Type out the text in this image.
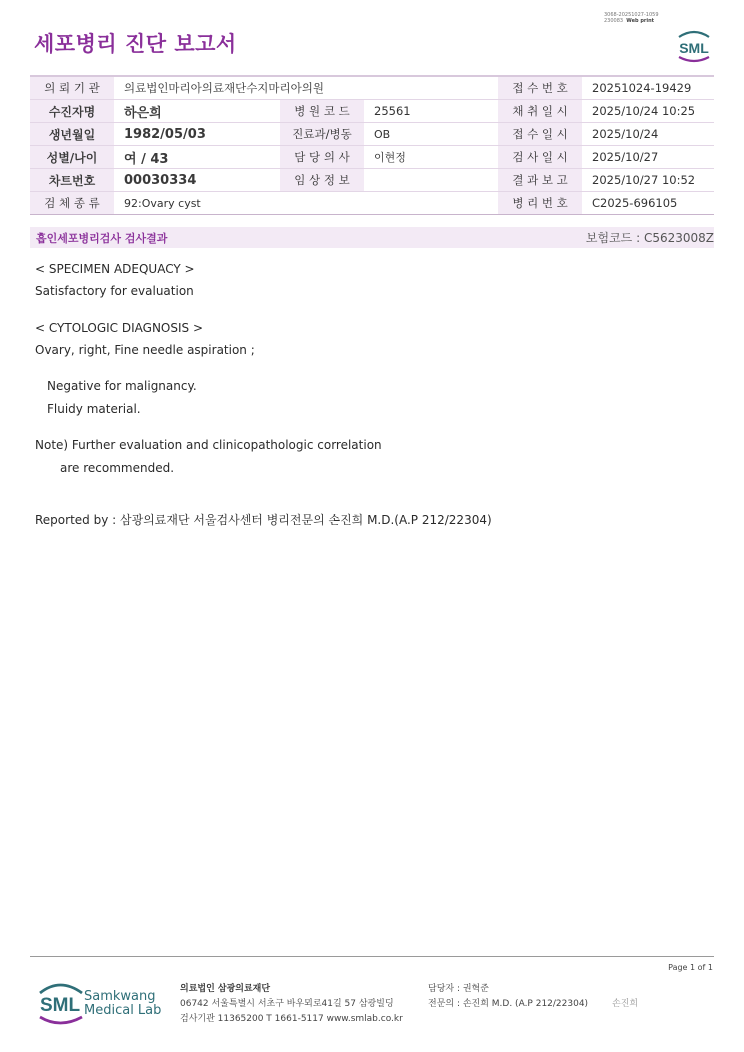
세포병리 진단 보고서
3068-20251027-1059
230083 Web print
SML
의 뢰 기 관	의료법인마리아의료재단수지마리아의원			접 수 번 호	20251024-19429
수진자명	하은희	병 원 코 드	25561	채 취 일 시	2025/10/24 10:25
생년월일	1982/05/03	진료과/병동	OB	접 수 일 시	2025/10/24
성별/나이	여 / 43	담 당 의 사	이현정	검 사 일 시	2025/10/27
차트번호	00030334	임 상 정 보		결 과 보 고	2025/10/27 10:52
검 체 종 류	92:Ovary cyst			병 리 번 호	C2025-696105
흡인세포병리검사 검사결과	보험코드 : C5623008Z
< SPECIMEN ADEQUACY >
Satisfactory for evaluation
< CYTOLOGIC DIAGNOSIS >
Ovary, right, Fine needle aspiration ;
Negative for malignancy.
Fluidy material.
Note) Further evaluation and clinicopathologic correlation
are recommended.
Reported by : 삼광의료재단 서울검사센터 병리전문의 손진희 M.D.(A.P 212/22304)
Page 1 of 1
SML Samkwang
Medical Lab
의료법인 삼광의료재단
06742 서울특별시 서초구 바우뫼로41길 57 삼광빌딩
검사기관 11365200 T 1661-5117 www.smlab.co.kr
담당자 : 권혁준
전문의 : 손진희 M.D. (A.P 212/22304)	손진희
